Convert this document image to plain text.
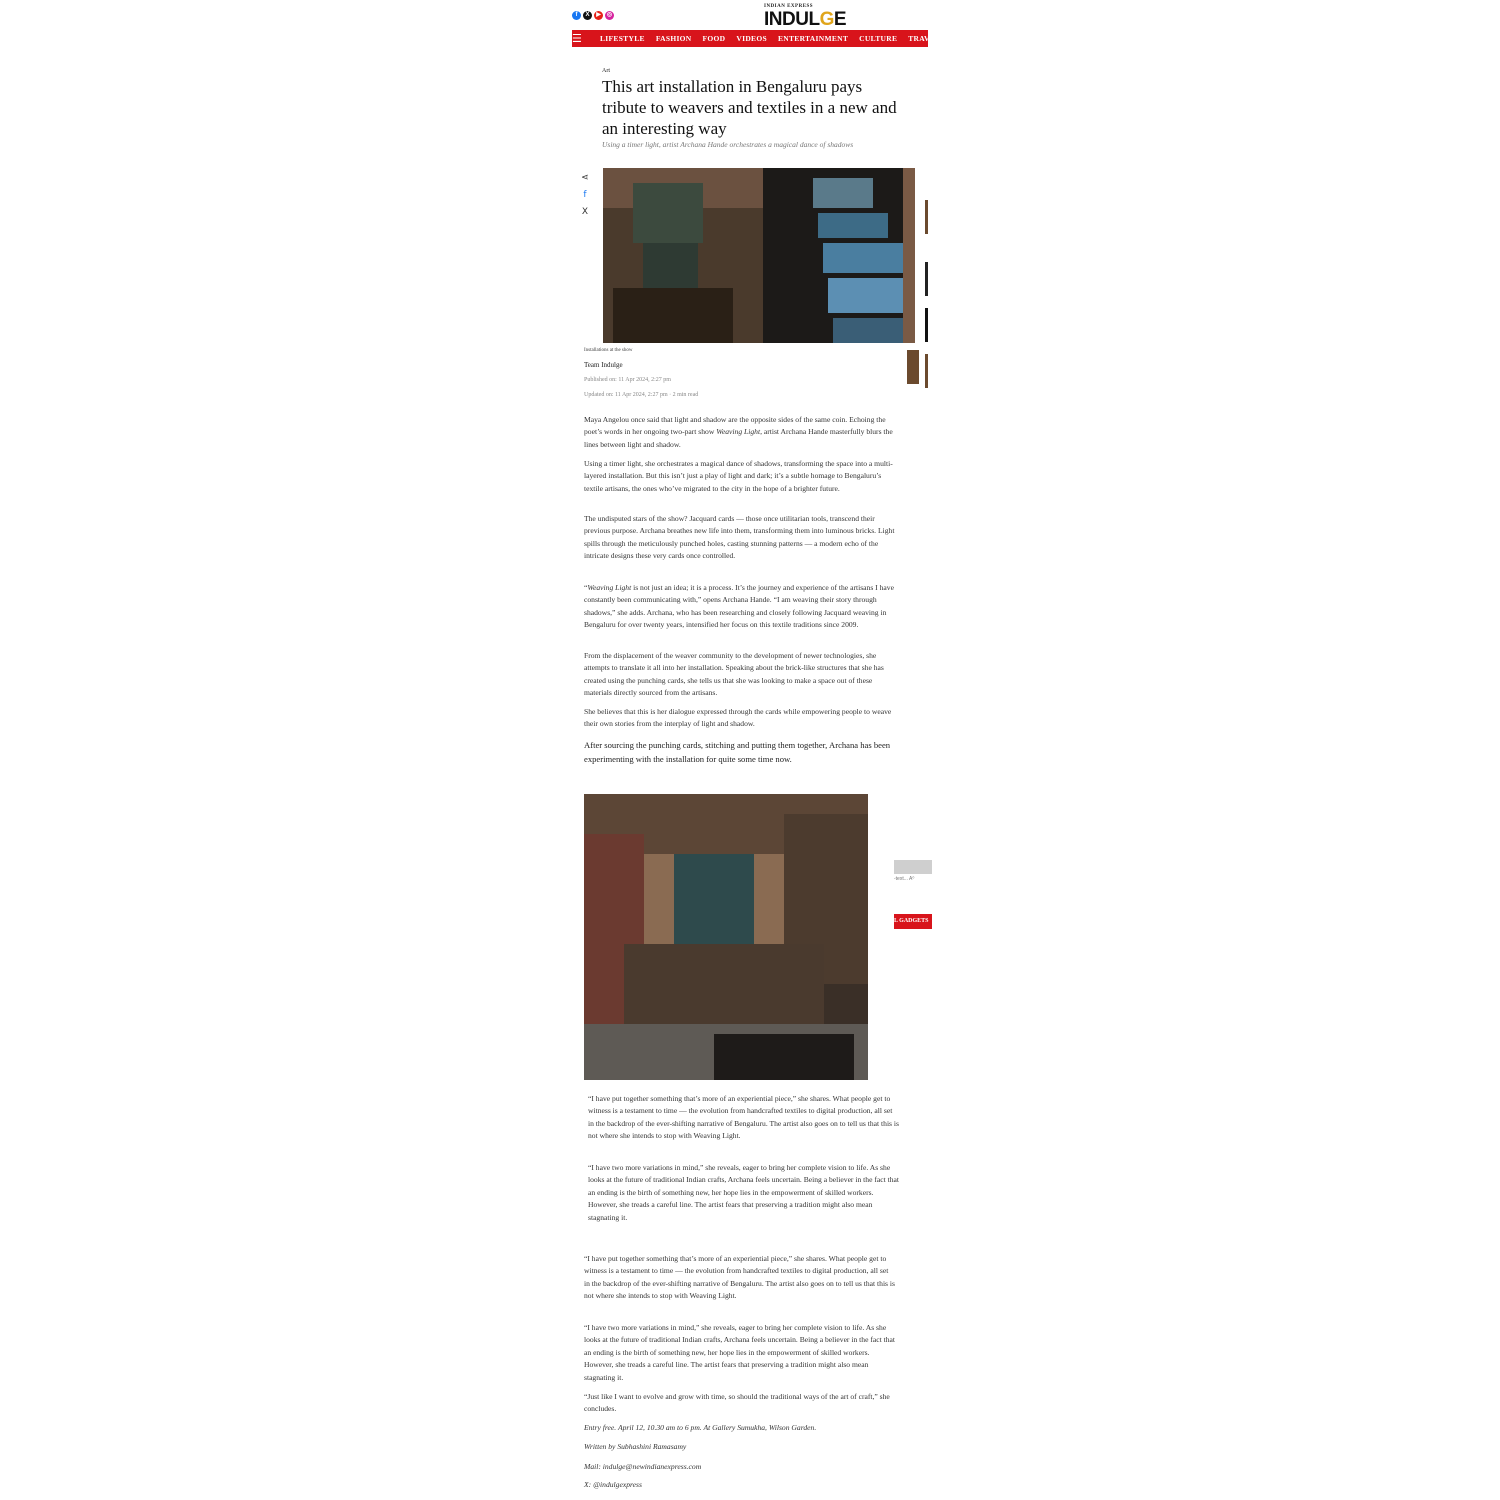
f	X	▶	◎
INDIAN EXPRESS
INDULGE
☰ LIFESTYLE FASHION FOOD VIDEOS ENTERTAINMENT CULTURE TRAVEL
Art
This art installation in Bengaluru pays tribute to weavers and textiles in a new and an interesting way
Using a timer light, artist Archana Hande orchestrates a magical dance of shadows
⋖
f
X
Installations at the show
Team Indulge
Published on: 11 Apr 2024, 2:27 pm
Updated on: 11 Apr 2024, 2:27 pm · 2 min read

Maya Angelou once said that light and shadow are the opposite sides of the same coin. Echoing the poet’s words in her ongoing two-part show Weaving Light, artist Archana Hande masterfully blurs the lines between light and shadow.

Using a timer light, she orchestrates a magical dance of shadows, transforming the space into a multi-layered installation. But this isn’t just a play of light and dark; it’s a subtle homage to Bengaluru’s textile artisans, the ones who’ve migrated to the city in the hope of a brighter future.

The undisputed stars of the show? Jacquard cards — those once utilitarian tools, transcend their previous purpose. Archana breathes new life into them, transforming them into luminous bricks. Light spills through the meticulously punched holes, casting stunning patterns — a modern echo of the intricate designs these very cards once controlled.

“Weaving Light is not just an idea; it is a process. It’s the journey and experience of the artisans I have constantly been communicating with,” opens Archana Hande. “I am weaving their story through shadows,” she adds. Archana, who has been researching and closely following Jacquard weaving in Bengaluru for over twenty years, intensified her focus on this textile traditions since 2009.

From the displacement of the weaver community to the development of newer technologies, she attempts to translate it all into her installation. Speaking about the brick-like structures that she has created using the punching cards, she tells us that she was looking to make a space out of these materials directly sourced from the artisans.

She believes that this is her dialogue expressed through the cards while empowering people to weave their own stories from the interplay of light and shadow.

After sourcing the punching cards, stitching and putting them together, Archana has been experimenting with the installation for quite some time now.

“I have put together something that’s more of an experiential piece,” she shares. What people get to witness is a testament to time — the evolution from handcrafted textiles to digital production, all set in the backdrop of the ever-shifting narrative of Bengaluru. The artist also goes on to tell us that this is not where she intends to stop with Weaving Light.

“I have two more variations in mind,” she reveals, eager to bring her complete vision to life. As she looks at the future of traditional Indian crafts, Archana feels uncertain. Being a believer in the fact that an ending is the birth of something new, her hope lies in the empowerment of skilled workers. However, she treads a careful line. The artist fears that preserving a tradition might also mean stagnating it.

“I have put together something that’s more of an experiential piece,” she shares. What people get to witness is a testament to time — the evolution from handcrafted textiles to digital production, all set in the backdrop of the ever-shifting narrative of Bengaluru. The artist also goes on to tell us that this is not where she intends to stop with Weaving Light.

“I have two more variations in mind,” she reveals, eager to bring her complete vision to life. As she looks at the future of traditional Indian crafts, Archana feels uncertain. Being a believer in the fact that an ending is the birth of something new, her hope lies in the empowerment of skilled workers. However, she treads a careful line. The artist fears that preserving a tradition might also mean stagnating it.

“Just like I want to evolve and grow with time, so should the traditional ways of the art of craft,” she concludes.

Entry free. April 12, 10.30 am to 6 pm. At Gallery Sumukha, Wilson Garden.

Written by Subhashini Ramasamy

Mail: indulge@newindianexpress.com

X: @indulgexpress

-text... A⁰
L GADGETS
